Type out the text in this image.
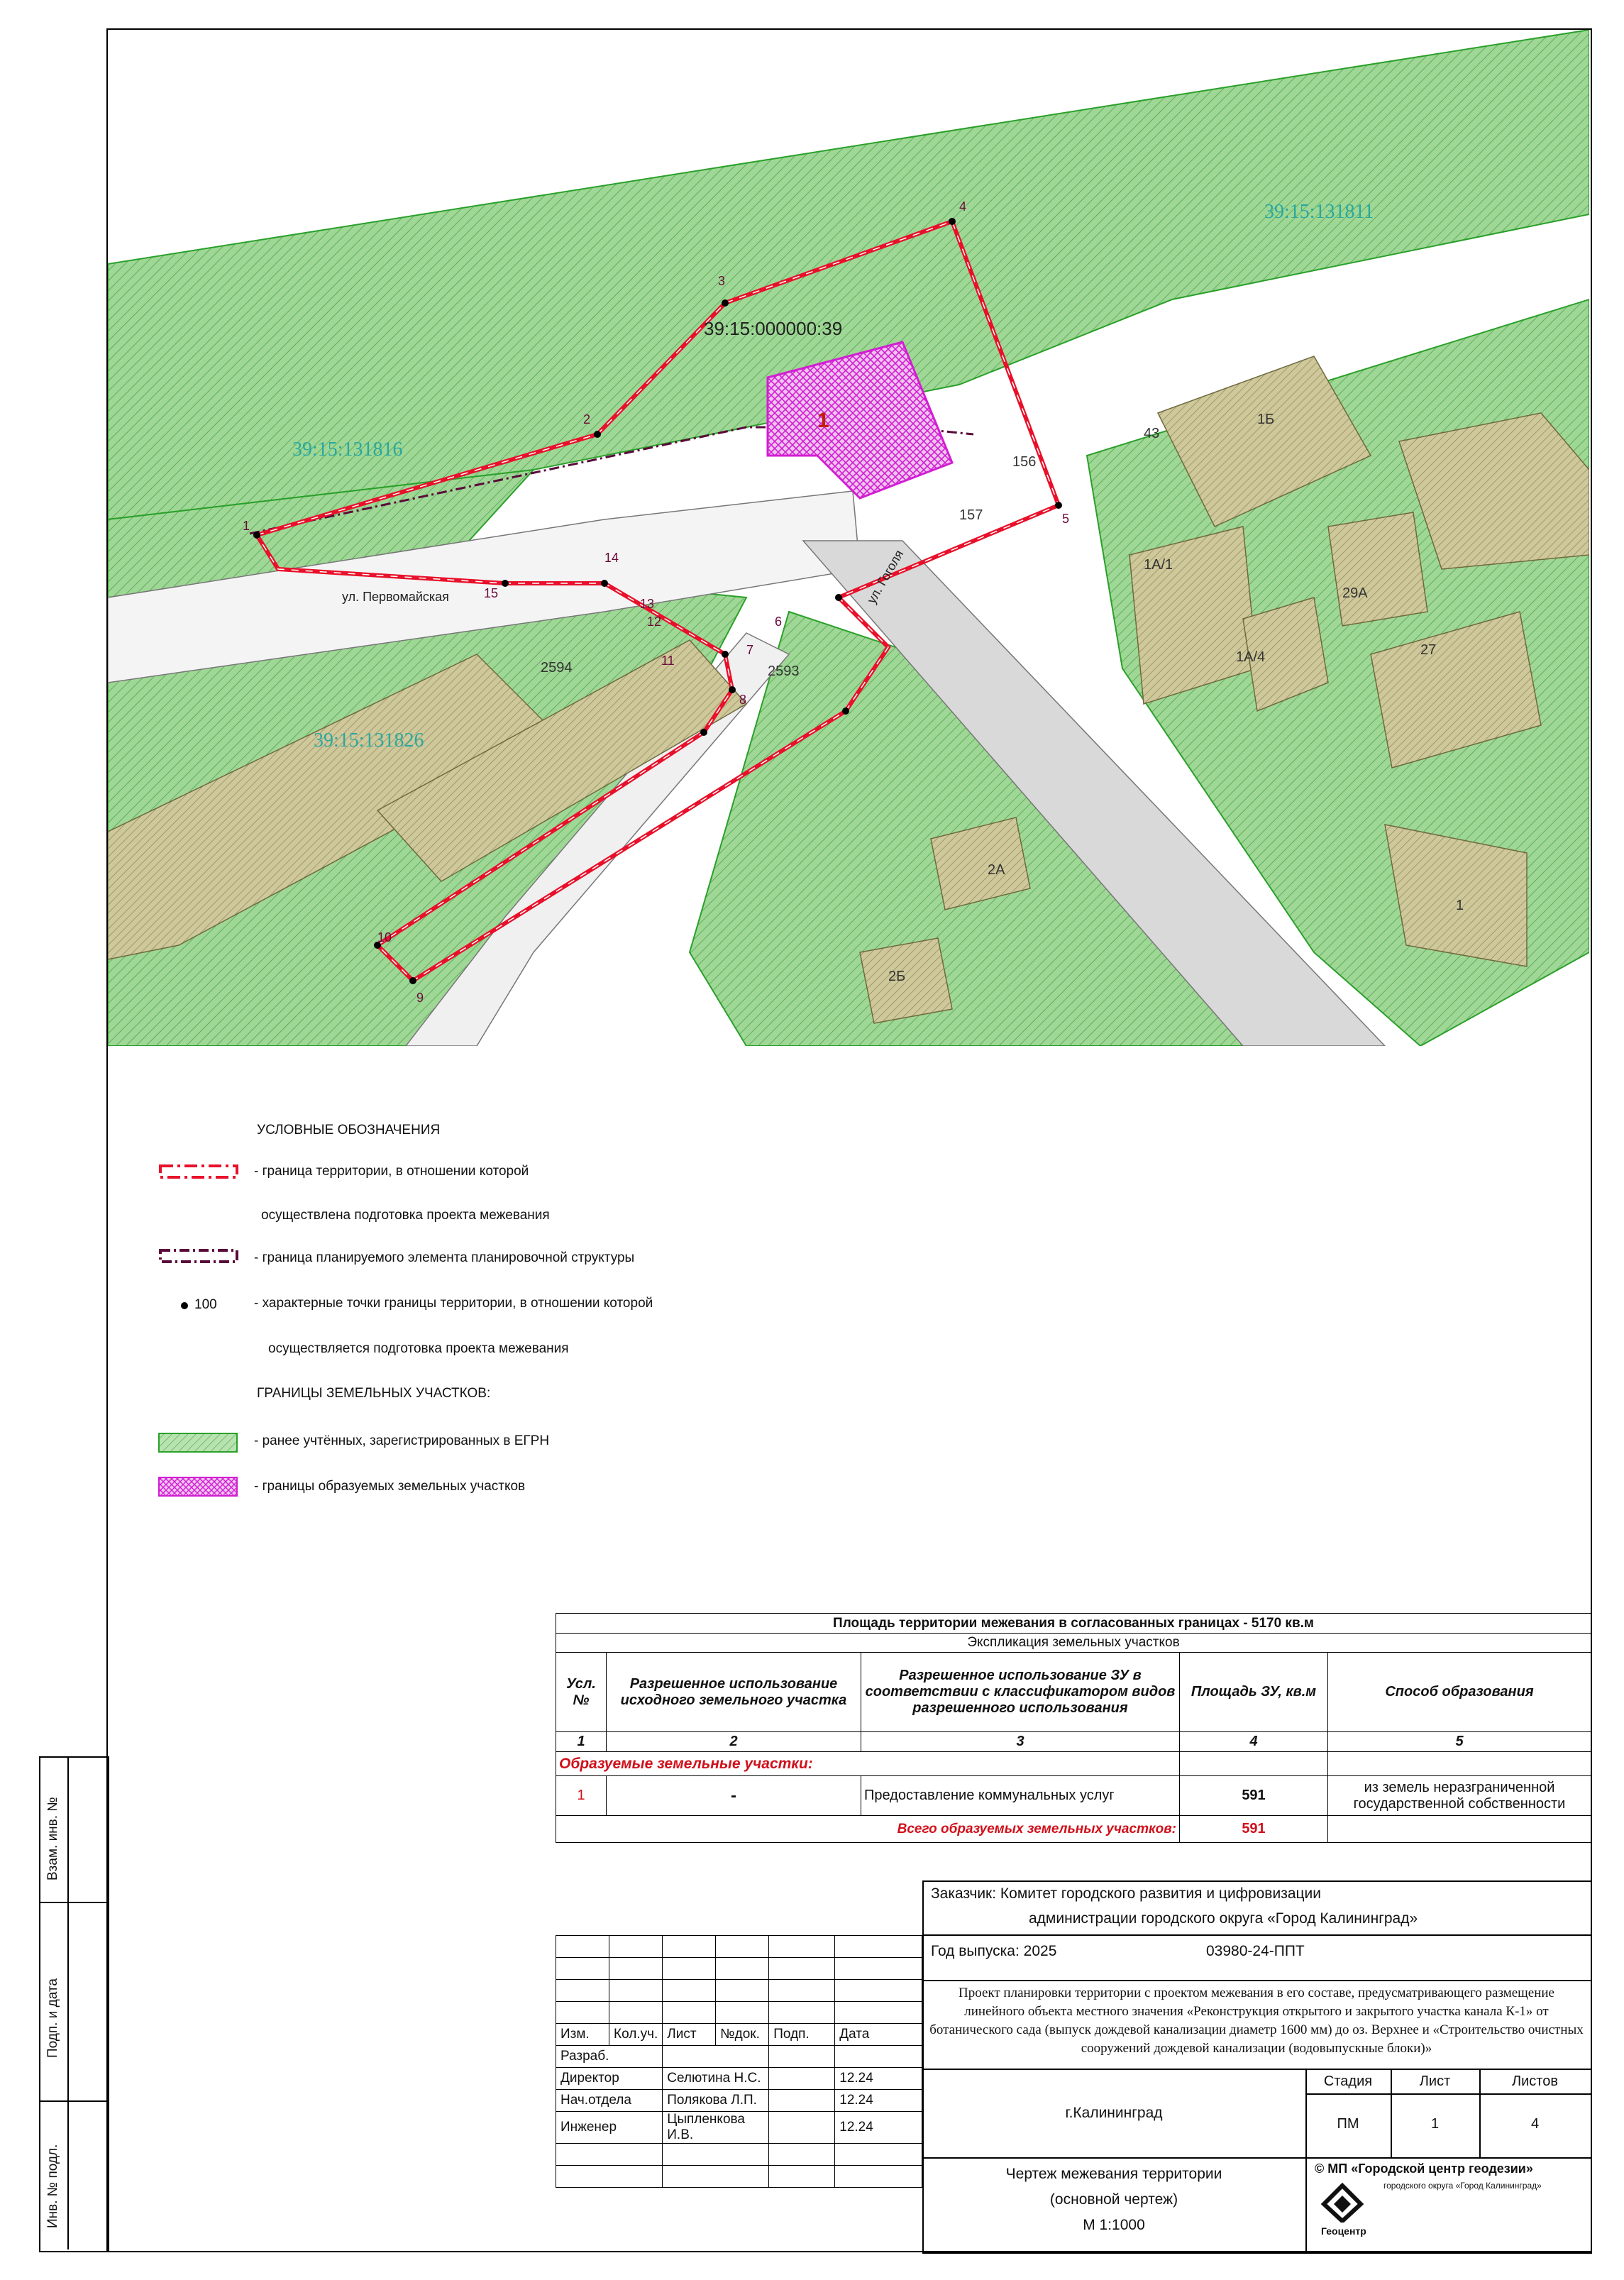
39:15:131811
39:15:131816
39:15:131826
39:15:000000:39
ул. Первомайская	ул. Гоголя
1
1
2
3
4
5
6
7
8
9
10
11
12
13
14
15
1Б
1А/1
1А/4
29А
27
2А
2Б
1
43
156
157
2594	2593
УСЛОВНЫЕ ОБОЗНАЧЕНИЯ
- граница территории, в отношении которой
осуществлена подготовка проекта межевания
- граница планируемого элемента планировочной структуры
100	- характерные точки границы территории, в отношении которой
осуществляется подготовка проекта межевания
ГРАНИЦЫ ЗЕМЕЛЬНЫХ УЧАСТКОВ:
- ранее учтённых, зарегистрированных в ЕГРН
- границы образуемых земельных участков
Площадь территории межевания в согласованных границах - 5170 кв.м				
Экспликация земельных участков				
Усл. №	Разрешенное использование исходного земельного участка	Разрешенное использование ЗУ в соответствии с классификатором видов разрешенного использования	Площадь ЗУ, кв.м	Способ образования
1	2	3	4	5
Образуемые земельные участки:				
1	-	Предоставление коммунальных услуг	591	из земель неразграниченной государственной собственности
Всего образуемых земельных участков:			591	
Заказчик: Комитет городского развития и цифровизации
администрации городского округа «Город Калининград»
Год выпуска: 2025	03980-24-ППТ
Проект планировки территории с проектом межевания в его составе, предусматривающего размещение линейного объекта местного значения «Реконструкция открытого и закрытого участка канала К-1» от ботанического сада (выпуск дождевой канализации диаметр 1600 мм) до оз. Верхнее и «Строительство очистных сооружений дождевой канализации (водовыпускные блоки)»
г.Калининград
Стадия	Лист	Листов
ПМ	1	4
Чертеж межевания территории
(основной чертеж)
М 1:1000
© МП «Городской центр геодезии»
городского округа «Город Калининград»
Геоцентр

Изм.	Кол.уч.	Лист	№док.	Подп.	Дата
Разраб.					
Директор		Селютина Н.С.			12.24
Нач.отдела		Полякова Л.П.			12.24
Инженер		Цыпленкова И.В.			12.24

Взам. инв. №
Подп. и дата
Инв. № подл.
